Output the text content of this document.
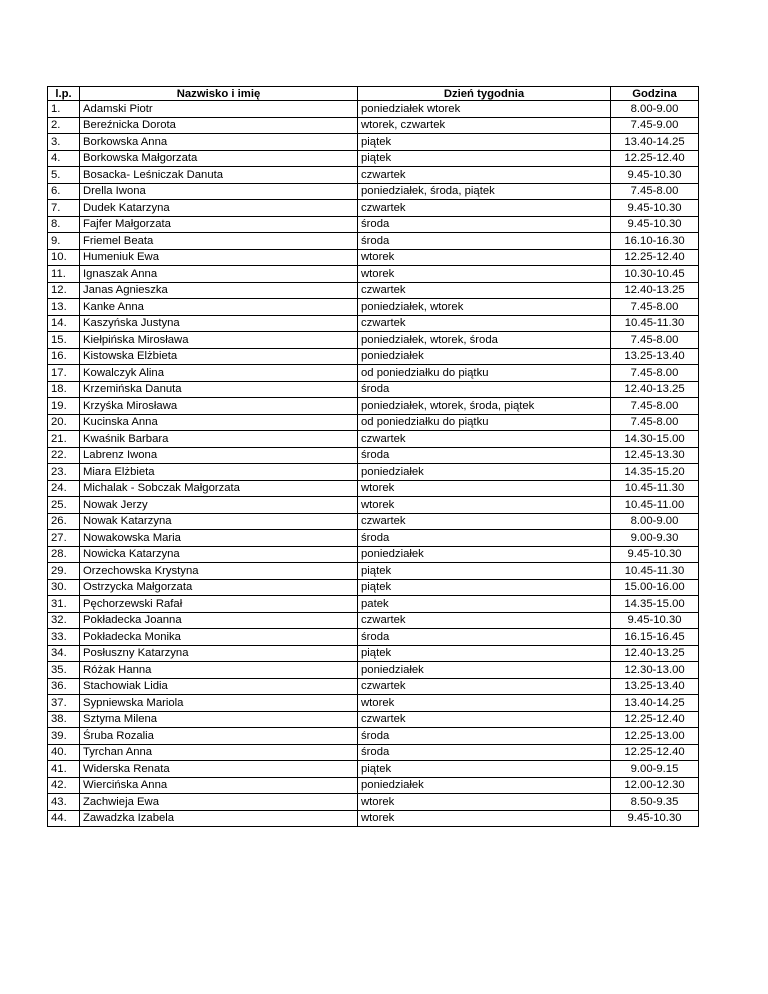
l.p.	Nazwisko i imię	Dzień tygodnia	Godzina
1.	Adamski Piotr	poniedziałek wtorek	8.00-9.00
2.	Bereźnicka Dorota	wtorek, czwartek	7.45-9.00
3.	Borkowska Anna	piątek	13.40-14.25
4.	Borkowska Małgorzata	piątek	12.25-12.40
5.	Bosacka- Leśniczak Danuta	czwartek	9.45-10.30
6.	Drella Iwona	poniedziałek, środa, piątek	7.45-8.00
7.	Dudek Katarzyna	czwartek	9.45-10.30
8.	Fajfer Małgorzata	środa	9.45-10.30
9.	Friemel Beata	środa	16.10-16.30
10.	Humeniuk Ewa	wtorek	12.25-12.40
11.	Ignaszak Anna	wtorek	10.30-10.45
12.	Janas Agnieszka	czwartek	12.40-13.25
13.	Kanke Anna	poniedziałek, wtorek	7.45-8.00
14.	Kaszyńska Justyna	czwartek	10.45-11.30
15.	Kiełpińska Mirosława	poniedziałek, wtorek, środa	7.45-8.00
16.	Kistowska Elżbieta	poniedziałek	13.25-13.40
17.	Kowalczyk Alina	od poniedziałku do piątku	7.45-8.00
18.	Krzemińska Danuta	środa	12.40-13.25
19.	Krzyśka Mirosława	poniedziałek, wtorek, środa, piątek	7.45-8.00
20.	Kucinska Anna	od poniedziałku do piątku	7.45-8.00
21.	Kwaśnik Barbara	czwartek	14.30-15.00
22.	Labrenz Iwona	środa	12.45-13.30
23.	Miara Elżbieta	poniedziałek	14.35-15.20
24.	Michalak - Sobczak Małgorzata	wtorek	10.45-11.30
25.	Nowak Jerzy	wtorek	10.45-11.00
26.	Nowak Katarzyna	czwartek	8.00-9.00
27.	Nowakowska Maria	środa	9.00-9.30
28.	Nowicka Katarzyna	poniedziałek	9.45-10.30
29.	Orzechowska Krystyna	piątek	10.45-11.30
30.	Ostrzycka Małgorzata	piątek	15.00-16.00
31.	Pęchorzewski Rafał	patek	14.35-15.00
32.	Pokładecka Joanna	czwartek	9.45-10.30
33.	Pokładecka Monika	środa	16.15-16.45
34.	Posłuszny Katarzyna	piątek	12.40-13.25
35.	Różak Hanna	poniedziałek	12.30-13.00
36.	Stachowiak Lidia	czwartek	13.25-13.40
37.	Sypniewska Mariola	wtorek	13.40-14.25
38.	Sztyma Milena	czwartek	12.25-12.40
39.	Śruba Rozalia	środa	12.25-13.00
40.	Tyrchan Anna	środa	12.25-12.40
41.	Widerska Renata	piątek	9.00-9.15
42.	Wiercińska Anna	poniedziałek	12.00-12.30
43.	Zachwieja Ewa	wtorek	8.50-9.35
44.	Zawadzka Izabela	wtorek	9.45-10.30
